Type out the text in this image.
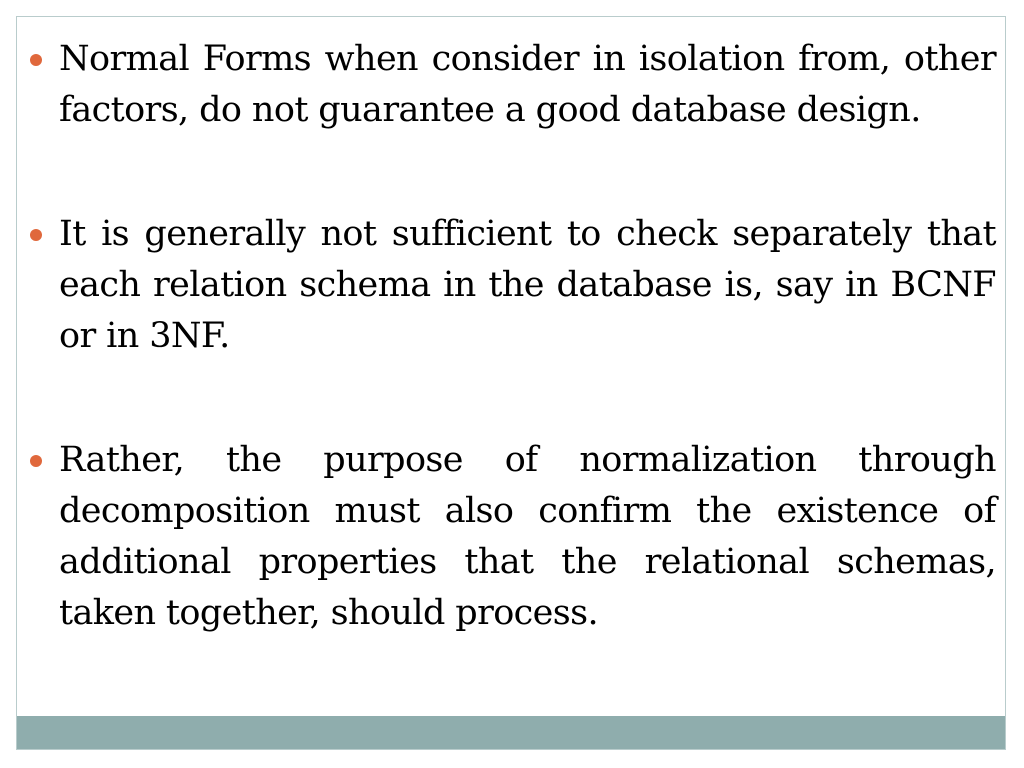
Normal Forms when consider in isolation from, other factors, do not guarantee a good database design.
It is generally not sufficient to check separately that each relation schema in the database is, say in BCNF or in 3NF.
Rather, the purpose of normalization through decomposition must also confirm the existence of additional properties that the relational schemas, taken together, should process.
